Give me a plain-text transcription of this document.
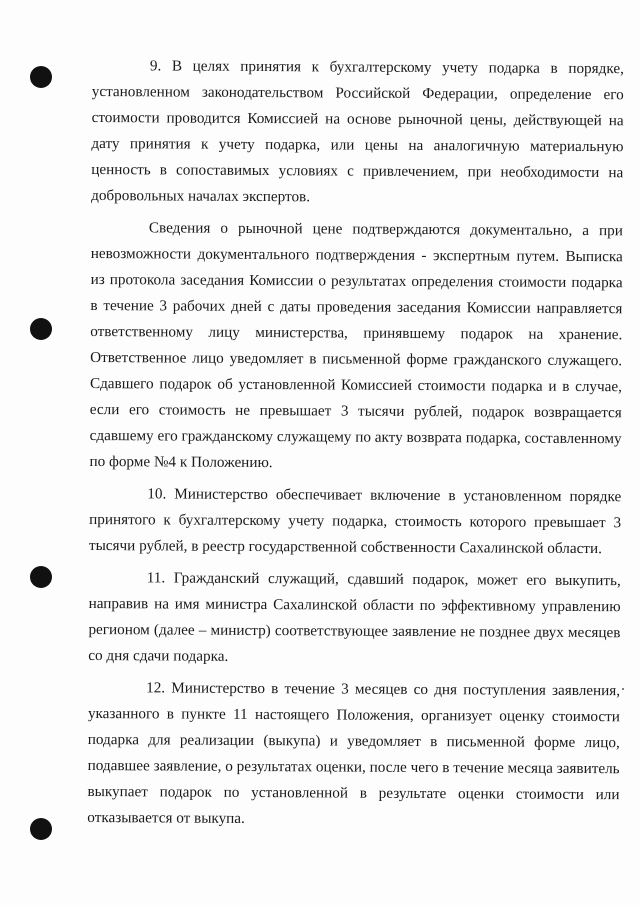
9. В целях принятия к бухгалтерскому учету подарка в порядке, установленном законодательством Российской Федерации, определение его стоимости проводится Комиссией на основе рыночной цены, действующей на дату принятия к учету подарка, или цены на аналогичную материальную ценность в сопоставимых условиях с привлечением, при необходимости на добровольных началах экспертов.

Сведения о рыночной цене подтверждаются документально, а при невозможности документального подтверждения - экспертным путем. Выписка из протокола заседания Комиссии о результатах определения стоимости подарка в течение 3 рабочих дней с даты проведения заседания Комиссии направляется ответственному лицу министерства, принявшему подарок на хранение. Ответственное лицо уведомляет в письменной форме гражданского служащего. Сдавшего подарок об установленной Комиссией стоимости подарка и в случае, если его стоимость не превышает 3 тысячи рублей, подарок возвращается сдавшему его гражданскому служащему по акту возврата подарка, составленному по форме №4 к Положению.

10. Министерство обеспечивает включение в установленном порядке принятого к бухгалтерскому учету подарка, стоимость которого превышает 3 тысячи рублей, в реестр государственной собственности Сахалинской области.

11. Гражданский служащий, сдавший подарок, может его выкупить, направив на имя министра Сахалинской области по эффективному управлению регионом (далее – министр) соответствующее заявление не позднее двух месяцев со дня сдачи подарка.

12. Министерство в течение 3 месяцев со дня поступления заявления, указанного в пункте 11 настоящего Положения, организует оценку стоимости подарка для реализации (выкупа) и уведомляет в письменной форме лицо, подавшее заявление, о результатах оценки, после чего в течение месяца заявитель выкупает подарок по установленной в результате оценки стоимости или отказывается от выкупа.
